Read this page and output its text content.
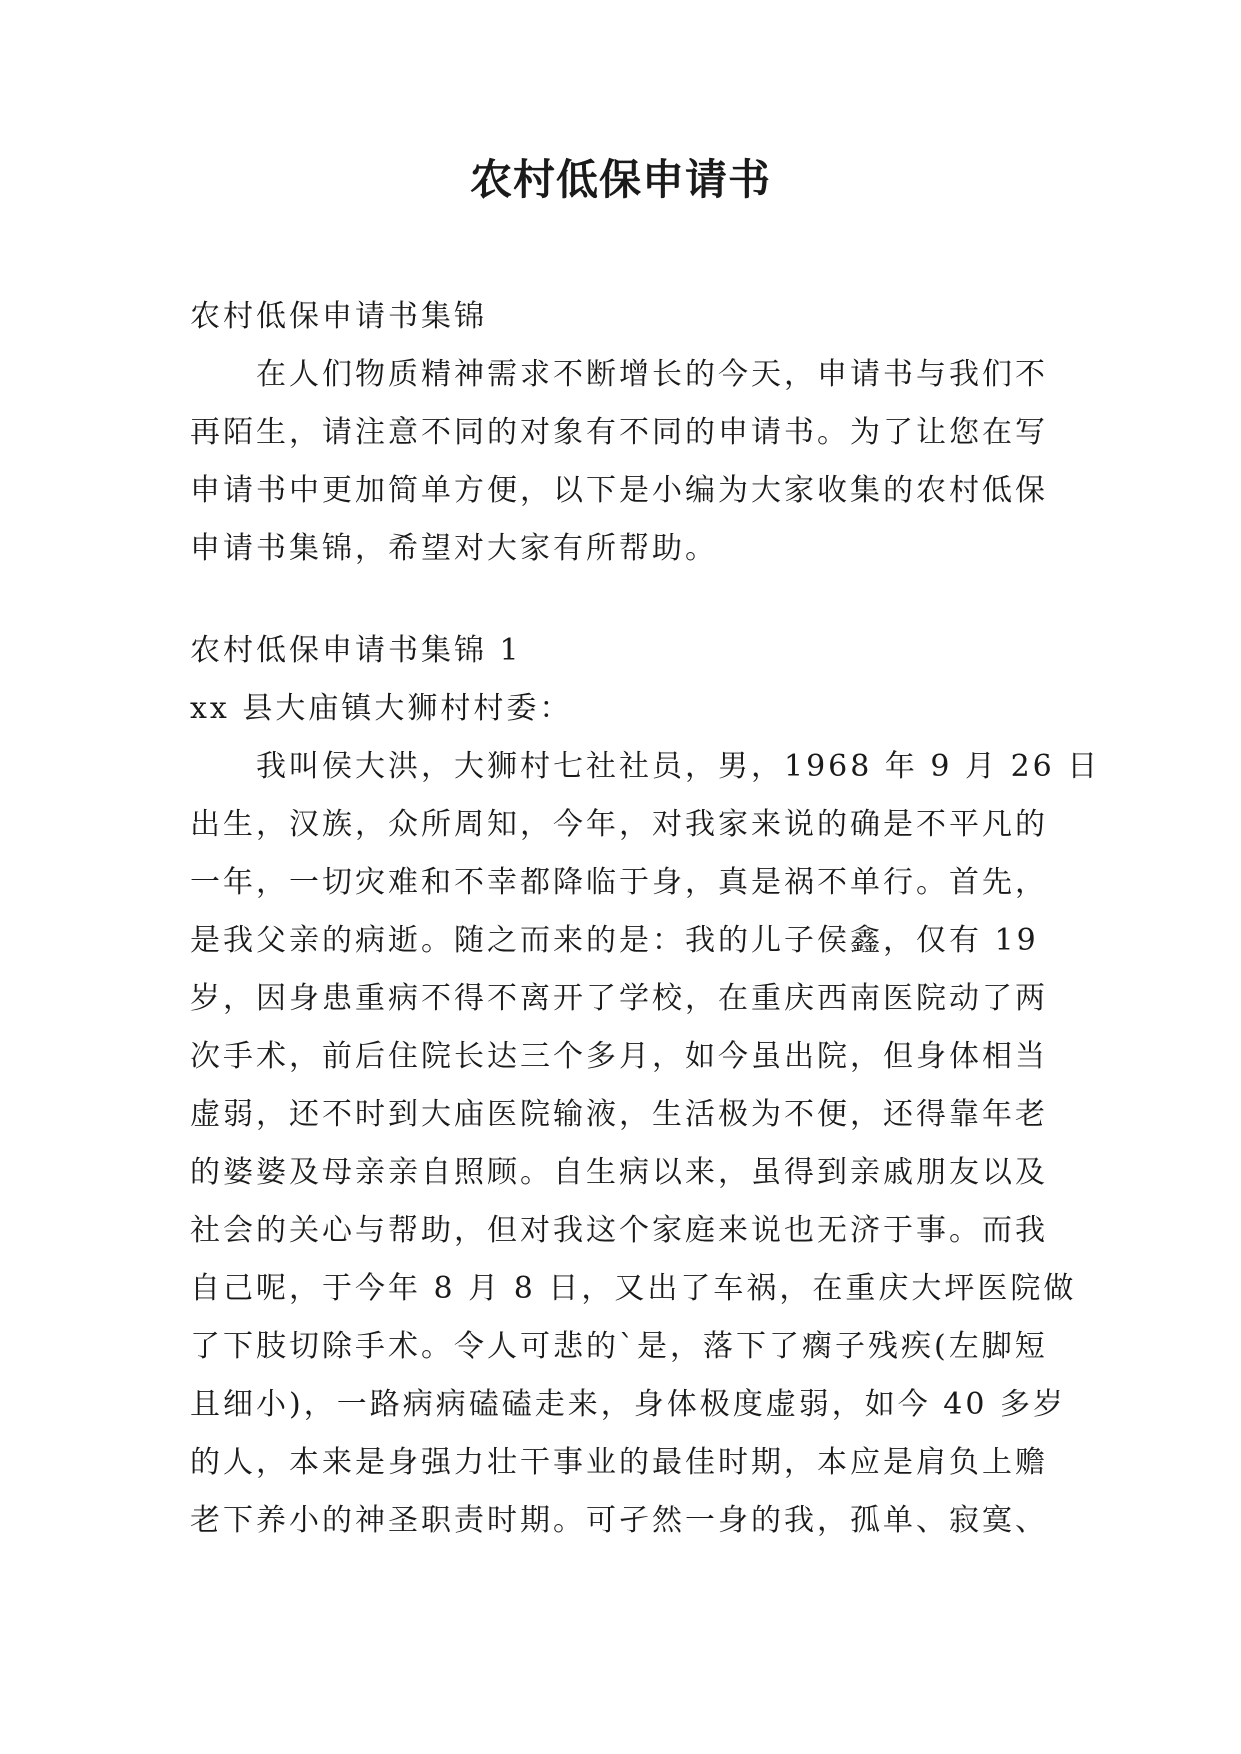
农村低保申请书
农村低保申请书集锦
在人们物质精神需求不断增长的今天，申请书与我们不
再陌生，请注意不同的对象有不同的申请书。为了让您在写
申请书中更加简单方便，以下是小编为大家收集的农村低保
申请书集锦，希望对大家有所帮助。
农村低保申请书集锦 1
xx 县大庙镇大狮村村委：
我叫侯大洪，大狮村七社社员，男，1968 年 9 月 26 日
出生，汉族，众所周知，今年，对我家来说的确是不平凡的
一年，一切灾难和不幸都降临于身，真是祸不单行。首先，
是我父亲的病逝。随之而来的是：我的儿子侯鑫，仅有 19
岁，因身患重病不得不离开了学校，在重庆西南医院动了两
次手术，前后住院长达三个多月，如今虽出院，但身体相当
虚弱，还不时到大庙医院输液，生活极为不便，还得靠年老
的婆婆及母亲亲自照顾。自生病以来，虽得到亲戚朋友以及
社会的关心与帮助，但对我这个家庭来说也无济于事。而我
自己呢，于今年 8 月 8 日，又出了车祸，在重庆大坪医院做
了下肢切除手术。令人可悲的`是，落下了瘸子残疾(左脚短
且细小)，一路病病磕磕走来，身体极度虚弱，如今 40 多岁
的人，本来是身强力壮干事业的最佳时期，本应是肩负上赡
老下养小的神圣职责时期。可孑然一身的我，孤单、寂寞、
